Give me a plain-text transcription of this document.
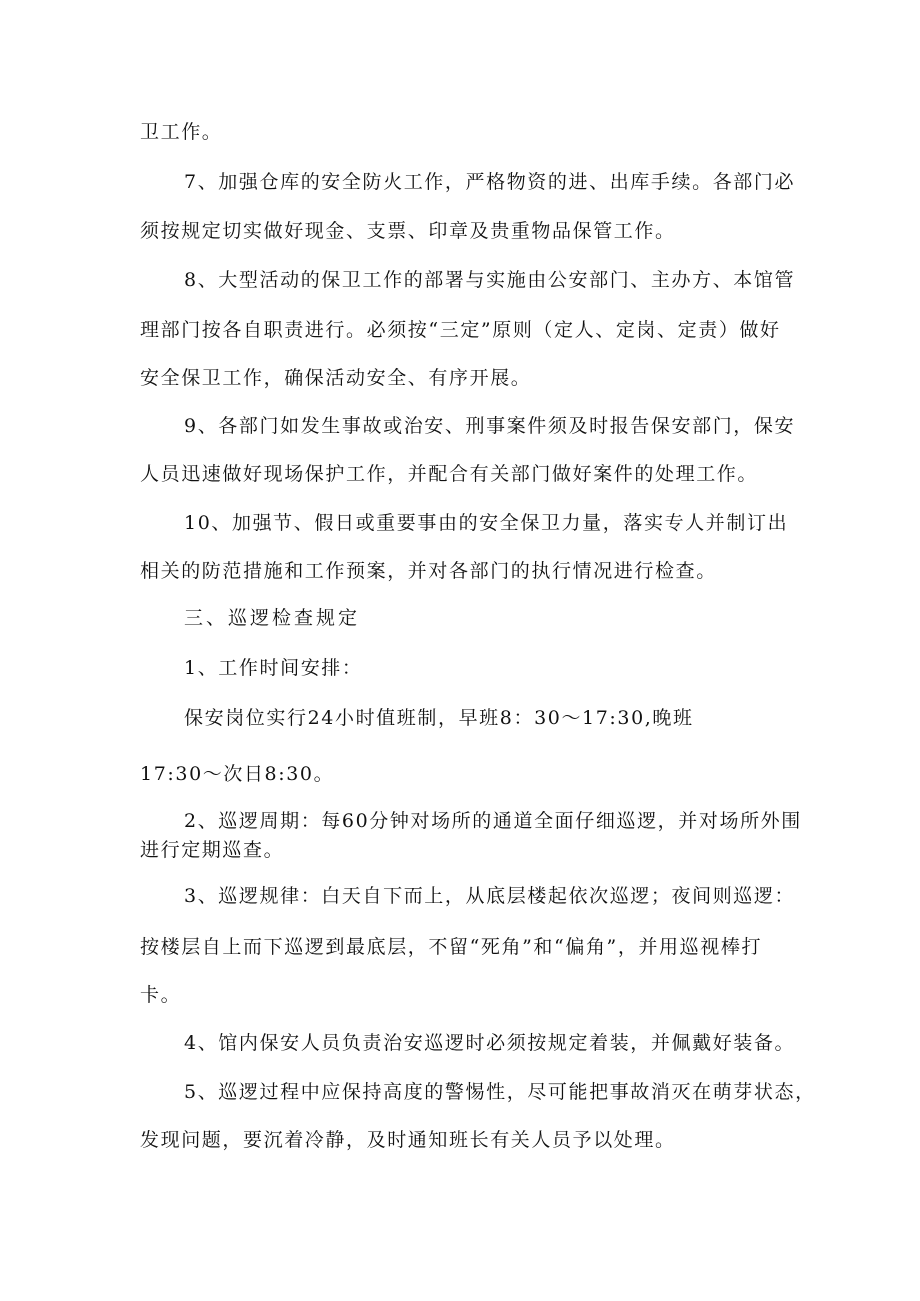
卫工作。
7、加强仓库的安全防火工作，严格物资的进、出库手续。各部门必
须按规定切实做好现金、支票、印章及贵重物品保管工作。
8、大型活动的保卫工作的部署与实施由公安部门、主办方、本馆管
理部门按各自职责进行。必须按“三定”原则（定人、定岗、定责）做好
安全保卫工作，确保活动安全、有序开展。
9、各部门如发生事故或治安、刑事案件须及时报告保安部门，保安
人员迅速做好现场保护工作，并配合有关部门做好案件的处理工作。
10、加强节、假日或重要事由的安全保卫力量，落实专人并制订出
相关的防范措施和工作预案，并对各部门的执行情况进行检查。
三、巡逻检查规定
1、工作时间安排：
保安岗位实行24小时值班制，早班8：30～17:30,晚班
17:30～次日8:30。
2、巡逻周期：每60分钟对场所的通道全面仔细巡逻，并对场所外围
进行定期巡查。
3、巡逻规律：白天自下而上，从底层楼起依次巡逻；夜间则巡逻：
按楼层自上而下巡逻到最底层，不留“死角”和“偏角”，并用巡视棒打
卡。
4、馆内保安人员负责治安巡逻时必须按规定着装，并佩戴好装备。
5、巡逻过程中应保持高度的警惕性，尽可能把事故消灭在萌芽状态，
发现问题，要沉着冷静，及时通知班长有关人员予以处理。
